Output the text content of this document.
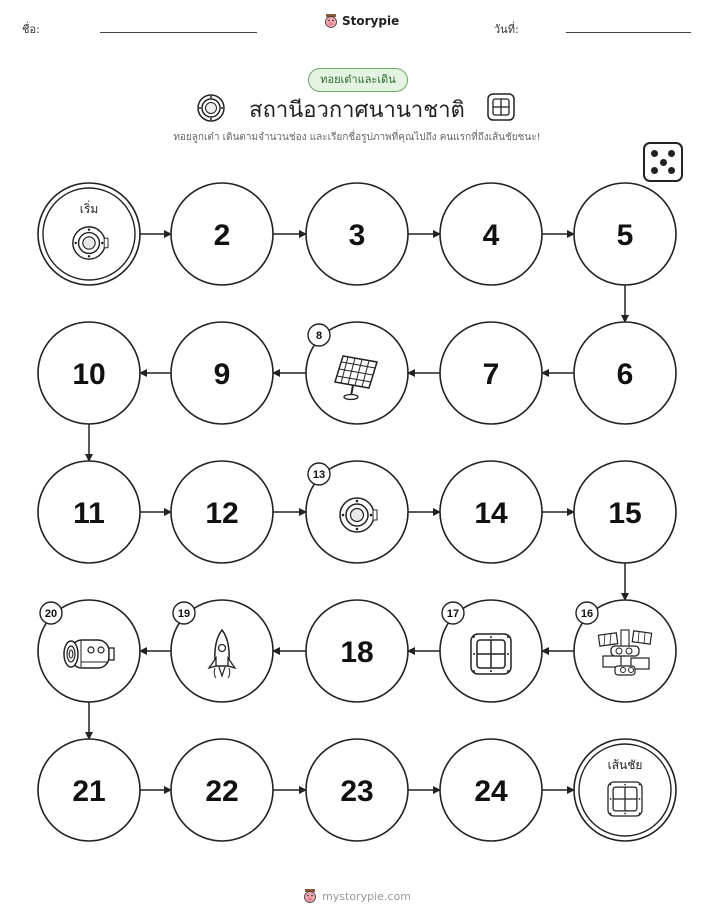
ชื่อ:
Storypie
วันที่:
ทอยเต๋าและเดิน
สถานีอวกาศนานาชาติ
ทอยลูกเต๋า เดินตามจำนวนช่อง และเรียกชื่อรูปภาพที่คุณไปถึง คนแรกที่ถึงเส้นชัยชนะ!
เริ่ม
2	3	4	5
10	9
8
7	6
11	12
13
14	15
20	19
18
17	16
21	22	23	24
เส้นชัย
mystorypie.com
